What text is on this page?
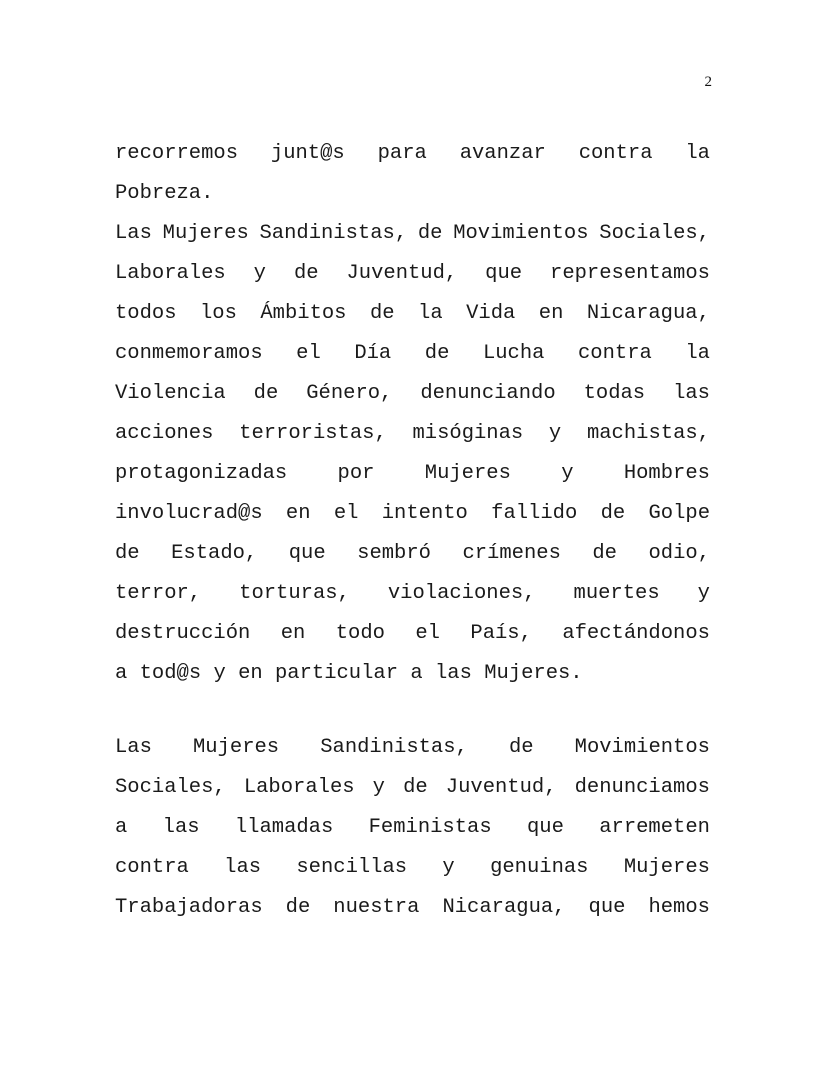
2
recorremos junt@s para avanzar contra la
Pobreza.
Las Mujeres Sandinistas, de Movimientos Sociales,
Laborales y de Juventud, que representamos
todos los Ámbitos de la Vida en Nicaragua,
conmemoramos el Día de Lucha contra la
Violencia de Género, denunciando todas las
acciones terroristas, misóginas y machistas,
protagonizadas por Mujeres y Hombres
involucrad@s en el intento fallido de Golpe
de Estado, que sembró crímenes de odio,
terror, torturas, violaciones, muertes y
destrucción en todo el País, afectándonos
a tod@s y en particular a las Mujeres.
Las Mujeres Sandinistas, de Movimientos
Sociales, Laborales y de Juventud, denunciamos
a las llamadas Feministas que arremeten
contra las sencillas y genuinas Mujeres
Trabajadoras de nuestra Nicaragua, que hemos
